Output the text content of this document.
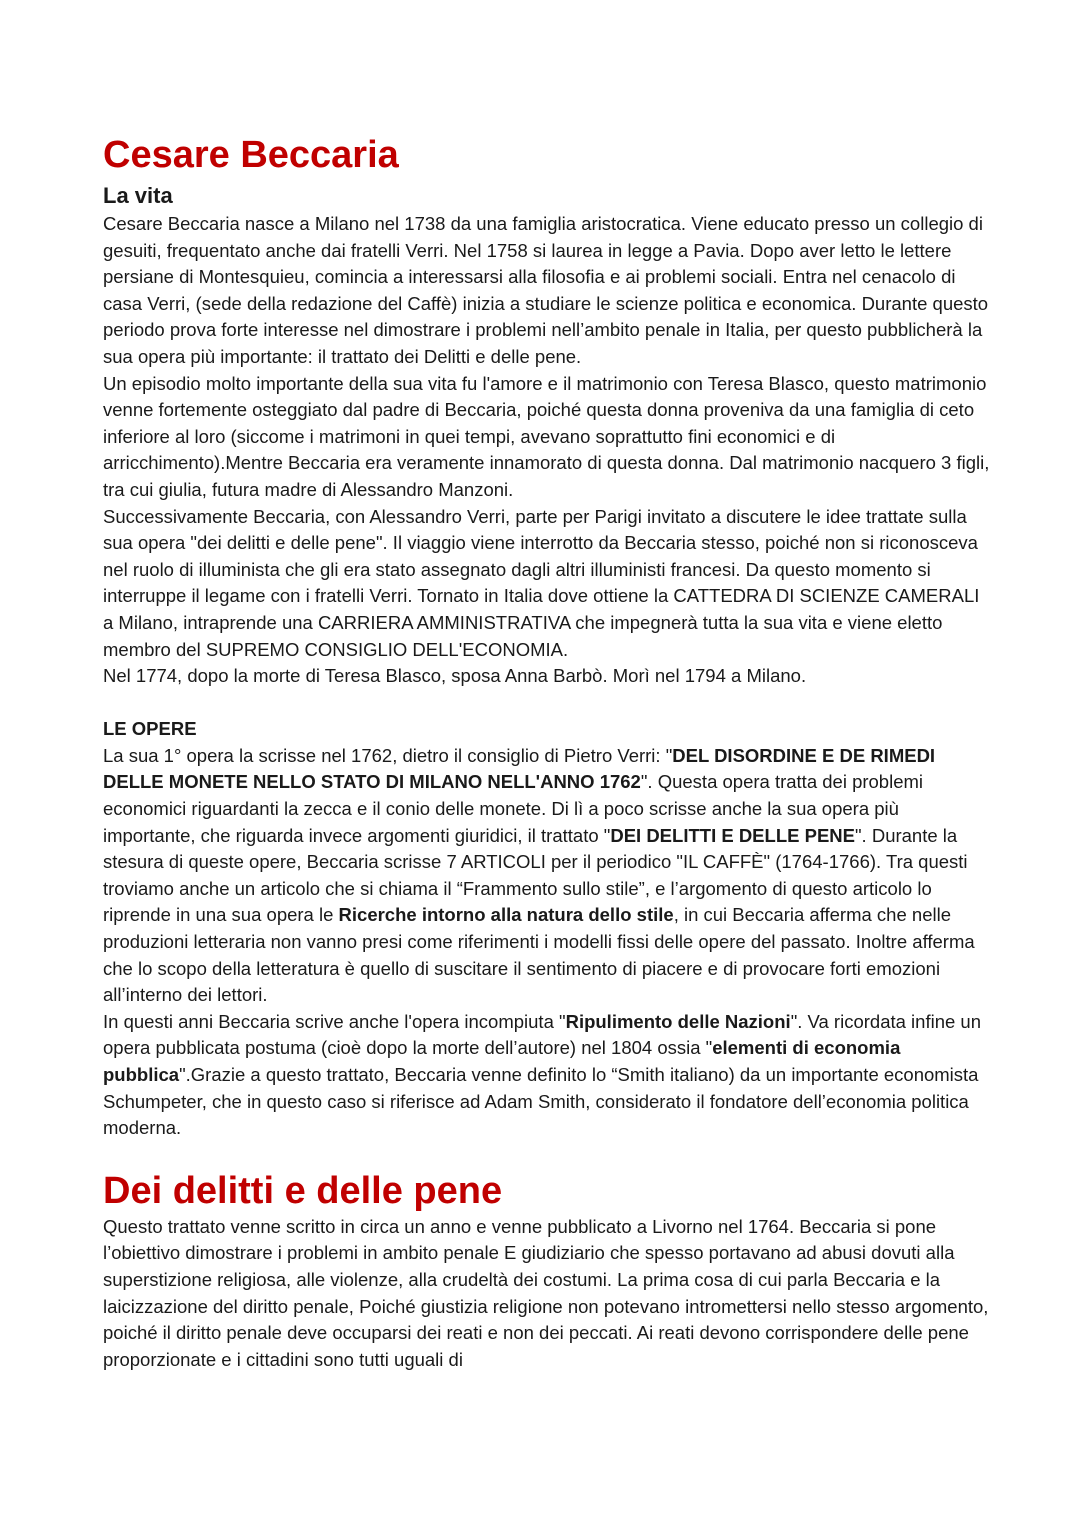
Cesare Beccaria
La vita

Cesare Beccaria nasce a Milano nel 1738 da una famiglia aristocratica. Viene educato presso un collegio di gesuiti, frequentato anche dai fratelli Verri. Nel 1758 si laurea in legge a Pavia. Dopo aver letto le lettere persiane di Montesquieu, comincia a interessarsi alla filosofia e ai problemi sociali. Entra nel cenacolo di casa Verri, (sede della redazione del Caffè) inizia a studiare le scienze politica e economica. Durante questo periodo prova forte interesse nel dimostrare i problemi nell’ambito penale in Italia, per questo pubblicherà la sua opera più importante: il trattato dei Delitti e delle pene.

Un episodio molto importante della sua vita fu l'amore e il matrimonio con Teresa Blasco, questo matrimonio venne fortemente osteggiato dal padre di Beccaria, poiché questa donna proveniva da una famiglia di ceto inferiore al loro (siccome i matrimoni in quei tempi, avevano soprattutto fini economici e di arricchimento).Mentre Beccaria era veramente innamorato di questa donna. Dal matrimonio nacquero 3 figli, tra cui giulia, futura madre di Alessandro Manzoni.

Successivamente Beccaria, con Alessandro Verri, parte per Parigi invitato a discutere le idee trattate sulla sua opera "dei delitti e delle pene". Il viaggio viene interrotto da Beccaria stesso, poiché non si riconosceva nel ruolo di illuminista che gli era stato assegnato dagli altri illuministi francesi. Da questo momento si interruppe il legame con i fratelli Verri. Tornato in Italia dove ottiene la CATTEDRA DI SCIENZE CAMERALI a Milano, intraprende una CARRIERA AMMINISTRATIVA che impegnerà tutta la sua vita e viene eletto membro del SUPREMO CONSIGLIO DELL'ECONOMIA.

Nel 1774, dopo la morte di Teresa Blasco, sposa Anna Barbò. Morì nel 1794 a Milano.

LE OPERE

La sua 1° opera la scrisse nel 1762, dietro il consiglio di Pietro Verri: "DEL DISORDINE E DE RIMEDI DELLE MONETE NELLO STATO DI MILANO NELL'ANNO 1762". Questa opera tratta dei problemi economici riguardanti la zecca e il conio delle monete. Di lì a poco scrisse anche la sua opera più importante, che riguarda invece argomenti giuridici, il trattato "DEI DELITTI E DELLE PENE". Durante la stesura di queste opere, Beccaria scrisse 7 ARTICOLI per il periodico "IL CAFFÈ" (1764-1766). Tra questi troviamo anche un articolo che si chiama il “Frammento sullo stile”, e l’argomento di questo articolo lo riprende in una sua opera le Ricerche intorno alla natura dello stile, in cui Beccaria afferma che nelle produzioni letteraria non vanno presi come riferimenti i modelli fissi delle opere del passato. Inoltre afferma che lo scopo della letteratura è quello di suscitare il sentimento di piacere e di provocare forti emozioni all’interno dei lettori.

In questi anni Beccaria scrive anche l'opera incompiuta "Ripulimento delle Nazioni". Va ricordata infine un opera pubblicata postuma (cioè dopo la morte dell’autore) nel 1804 ossia "elementi di economia pubblica".Grazie a questo trattato, Beccaria venne definito lo “Smith italiano) da un importante economista Schumpeter, che in questo caso si riferisce ad Adam Smith, considerato il fondatore dell’economia politica moderna.

Dei delitti e delle pene

Questo trattato venne scritto in circa un anno e venne pubblicato a Livorno nel 1764. Beccaria si pone l’obiettivo dimostrare i problemi in ambito penale E giudiziario che spesso portavano ad abusi dovuti alla superstizione religiosa, alle violenze, alla crudeltà dei costumi. La prima cosa di cui parla Beccaria e la laicizzazione del diritto penale, Poiché giustizia religione non potevano intromettersi nello stesso argomento, poiché il diritto penale deve occuparsi dei reati e non dei peccati. Ai reati devono corrispondere delle pene proporzionate e i cittadini sono tutti uguali di
